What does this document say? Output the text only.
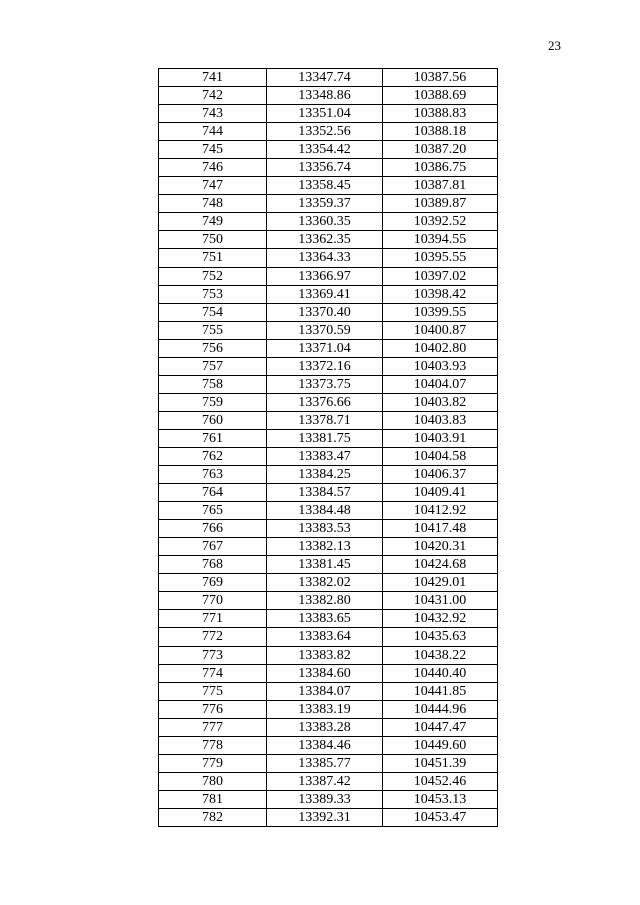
23
741	13347.74	10387.56
742	13348.86	10388.69
743	13351.04	10388.83
744	13352.56	10388.18
745	13354.42	10387.20
746	13356.74	10386.75
747	13358.45	10387.81
748	13359.37	10389.87
749	13360.35	10392.52
750	13362.35	10394.55
751	13364.33	10395.55
752	13366.97	10397.02
753	13369.41	10398.42
754	13370.40	10399.55
755	13370.59	10400.87
756	13371.04	10402.80
757	13372.16	10403.93
758	13373.75	10404.07
759	13376.66	10403.82
760	13378.71	10403.83
761	13381.75	10403.91
762	13383.47	10404.58
763	13384.25	10406.37
764	13384.57	10409.41
765	13384.48	10412.92
766	13383.53	10417.48
767	13382.13	10420.31
768	13381.45	10424.68
769	13382.02	10429.01
770	13382.80	10431.00
771	13383.65	10432.92
772	13383.64	10435.63
773	13383.82	10438.22
774	13384.60	10440.40
775	13384.07	10441.85
776	13383.19	10444.96
777	13383.28	10447.47
778	13384.46	10449.60
779	13385.77	10451.39
780	13387.42	10452.46
781	13389.33	10453.13
782	13392.31	10453.47
